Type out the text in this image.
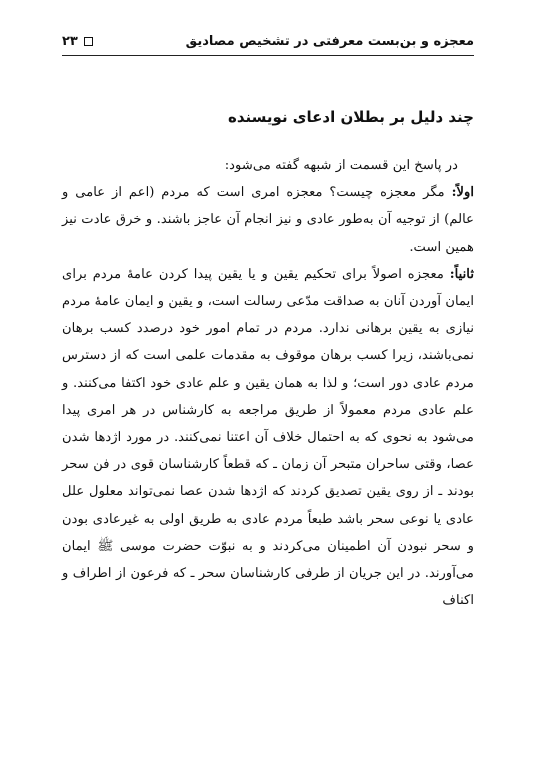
معجزه و بن‌بست معرفتی در تشخیص مصادیق
۲۳
چند دلیل بر بطلان ادعای نویسنده

در پاسخ این قسمت از شبهه گفته می‌شود:

اولاً: مگر معجزه چیست؟ معجزه امری است که مردم (اعم از عامی و عالم) از توجیه آن به‌طور عادی و نیز انجام آن عاجز باشند. و خرق عادت نیز همین است.

ثانیاً: معجزه اصولاً برای تحکیم یقین و یا یقین پیدا کردن عامهٔ مردم برای ایمان آوردن آنان به صداقت مدّعی رسالت است، و یقین و ایمان عامهٔ مردم نیازی به یقین برهانی ندارد. مردم در تمام امور خود درصدد کسب برهان نمی‌باشند، زیرا کسب برهان موقوف به مقدمات علمی است که از دسترس مردم عادی دور است؛ و لذا به همان یقین و علم عادی خود اکتفا می‌کنند. و علم عادی مردم معمولاً از طریق مراجعه به کارشناس در هر امری پیدا می‌شود به نحوی که به احتمال خلاف آن اعتنا نمی‌کنند. در مورد اژدها شدن عصا، وقتی ساحران متبحر آن زمان ـ که قطعاً کارشناسان قوی در فن سحر بودند ـ از روی یقین تصدیق کردند که اژدها شدن عصا نمی‌تواند معلول علل عادی یا نوعی سحر باشد طبعاً مردم عادی به طریق اولی به غیرعادی بودن و سحر نبودن آن اطمینان می‌کردند و به نبوّت حضرت موسی ﷺ ایمان می‌آورند. در این جریان از طرفی کارشناسان سحر ـ که فرعون از اطراف و اکناف
